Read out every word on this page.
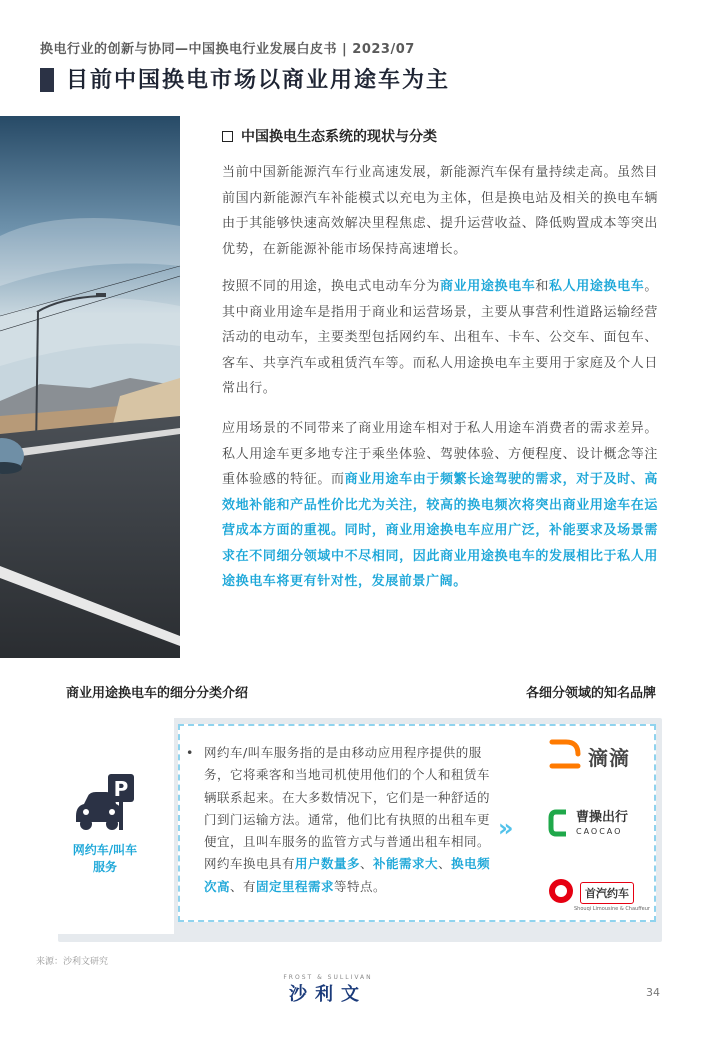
换电行业的创新与协同—中国换电行业发展白皮书 | 2023/07
目前中国换电市场以商业用途车为主
中国换电生态系统的现状与分类

当前中国新能源汽车行业高速发展，新能源汽车保有量持续走高。虽然目前国内新能源汽车补能模式以充电为主体，但是换电站及相关的换电车辆由于其能够快速高效解决里程焦虑、提升运营收益、降低购置成本等突出优势，在新能源补能市场保持高速增长。

按照不同的用途，换电式电动车分为商业用途换电车和私人用途换电车。其中商业用途车是指用于商业和运营场景，主要从事营利性道路运输经营活动的电动车，主要类型包括网约车、出租车、卡车、公交车、面包车、客车、共享汽车或租赁汽车等。而私人用途换电车主要用于家庭及个人日常出行。

应用场景的不同带来了商业用途车相对于私人用途车消费者的需求差异。私人用途车更多地专注于乘坐体验、驾驶体验、方便程度、设计概念等注重体验感的特征。而商业用途车由于频繁长途驾驶的需求，对于及时、高效地补能和产品性价比尤为关注，较高的换电频次将突出商业用途车在运营成本方面的重视。同时，商业用途换电车应用广泛，补能要求及场景需求在不同细分领域中不尽相同，因此商业用途换电车的发展相比于私人用途换电车将更有针对性，发展前景广阔。

商业用途换电车的细分分类介绍	各细分领域的知名品牌
P
网约车/叫车
服务
• 网约车/叫车服务指的是由移动应用程序提供的服务，它将乘客和当地司机使用他们的个人和租赁车辆联系起来。在大多数情况下，它们是一种舒适的门到门运输方法。通常，他们比有执照的出租车更便宜，且叫车服务的监管方式与普通出租车相同。网约车换电具有用户数量多、补能需求大、换电频次高、有固定里程需求等特点。
»
滴滴
曹操出行
CAOCAO
首汽约车
Shouqi Limousine & Chauffeur
来源：沙利文研究
FROST & SULLIVAN
沙利文	34
